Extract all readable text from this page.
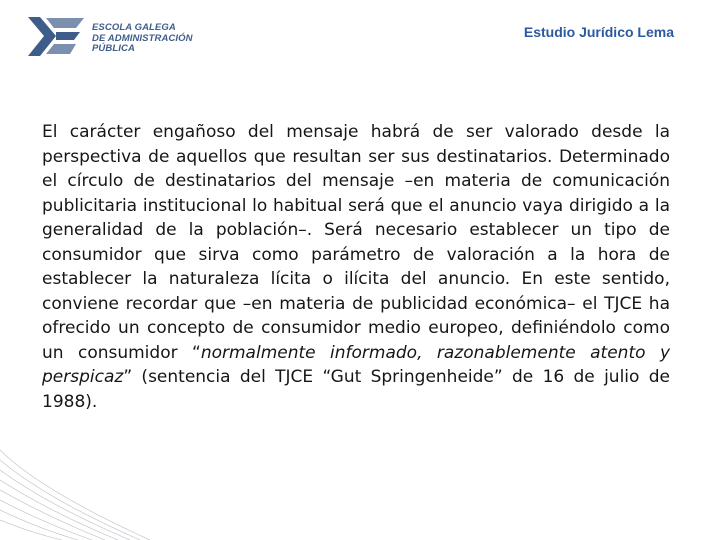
ESCOLA GALEGA
DE ADMINISTRACIÓN
PÚBLICA
Estudio Jurídico Lema
El carácter engañoso del mensaje habrá de ser valorado desde la perspectiva de aquellos que resultan ser sus destinatarios. Determinado el círculo de destinatarios del mensaje –en materia de comunicación publicitaria institucional lo habitual será que el anuncio vaya dirigido a la generalidad de la población–. Será necesario establecer un tipo de consumidor que sirva como parámetro de valoración a la hora de establecer la naturaleza lícita o ilícita del anuncio. En este sentido, conviene recordar que –en materia de publicidad económica– el TJCE ha ofrecido un concepto de consumidor medio europeo, definiéndolo como un consumidor “normalmente informado, razonablemente atento y perspicaz” (sentencia del TJCE “Gut Springenheide” de 16 de julio de 1988).
